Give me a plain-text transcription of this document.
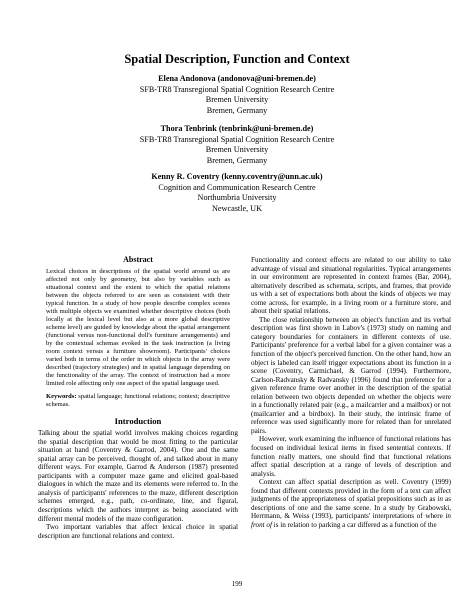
Spatial Description, Function and Context
Elena Andonova (andonova@uni-bremen.de)
SFB-TR8 Transregional Spatial Cognition Research Centre
Bremen University
Bremen, Germany
Thora Tenbrink (tenbrink@uni-bremen.de)
SFB-TR8 Transregional Spatial Cognition Research Centre
Bremen University
Bremen, Germany
Kenny R. Coventry (kenny.coventry@unn.ac.uk)
Cognition and Communication Research Centre
Northumbria University
Newcastle, UK
Abstract

Lexical choices in descriptions of the spatial world around us are affected not only by geometry, but also by variables such as situational context and the extent to which the spatial relations between the objects referred to are seen as consistent with their typical function. In a study of how people describe complex scenes with multiple objects we examined whether descriptive choices (both locally at the lexical level but also at a more global descriptive scheme level) are guided by knowledge about the spatial arrangement (functional versus non-functional doll's furniture arrangements) and by the contextual schemas evoked in the task instruction (a living room context versus a furniture showroom). Participants' choices varied both in terms of the order in which objects in the array were described (trajectory strategies) and in spatial language depending on the functionality of the array. The context of instruction had a more limited role affecting only one aspect of the spatial language used.

Keywords: spatial language; functional relations; context; descriptive schemas.

Introduction

Talking about the spatial world involves making choices regarding the spatial description that would be most fitting to the particular situation at hand (Coventry & Garrod, 2004). One and the same spatial array can be perceived, thought of, and talked about in many different ways. For example, Garrod & Anderson (1987) presented participants with a computer maze game and elicited goal-based dialogues in which the maze and its elements were referred to. In the analysis of participants' references to the maze, different description schemes emerged, e.g., path, co-ordinate, line, and figural, descriptions which the authors interpret as being associated with different mental models of the maze configuration.

Two important variables that affect lexical choice in spatial description are functional relations and context.

Functionality and context effects are related to our ability to take advantage of visual and situational regularities. Typical arrangements in our environment are represented in context frames (Bar, 2004), alternatively described as schemata, scripts, and frames, that provide us with a set of expectations both about the kinds of objects we may come across, for example, in a living room or a furniture store, and about their spatial relations.

The close relationship between an object's function and its verbal description was first shown in Labov's (1973) study on naming and category boundaries for containers in different contexts of use. Participants' preference for a verbal label for a given container was a function of the object's perceived function. On the other hand, how an object is labeled can itself trigger expectations about its function in a scene (Coventry, Carmichael, & Garrod (1994). Furthermore, Carlson-Radvansky & Radvansky (1996) found that preference for a given reference frame over another in the description of the spatial relation between two objects depended on whether the objects were in a functionally related pair (e.g., a mailcarrier and a mailbox) or not (mailcarrier and a birdbox). In their study, the intrinsic frame of reference was used significantly more for related than for unrelated pairs.

However, work examining the influence of functional relations has focused on individual lexical items in fixed sentential contexts. If function really matters, one should find that functional relations affect spatial description at a range of levels of description and analysis.

Context can affect spatial description as well. Coventry (1999) found that different contexts provided in the form of a text can affect judgments of the appropriateness of spatial prepositions such as in as descriptions of one and the same scene. In a study by Grabowski, Herrmann, & Weiss (1993), participants' interpretations of where in front of is in relation to parking a car differed as a function of the

199
